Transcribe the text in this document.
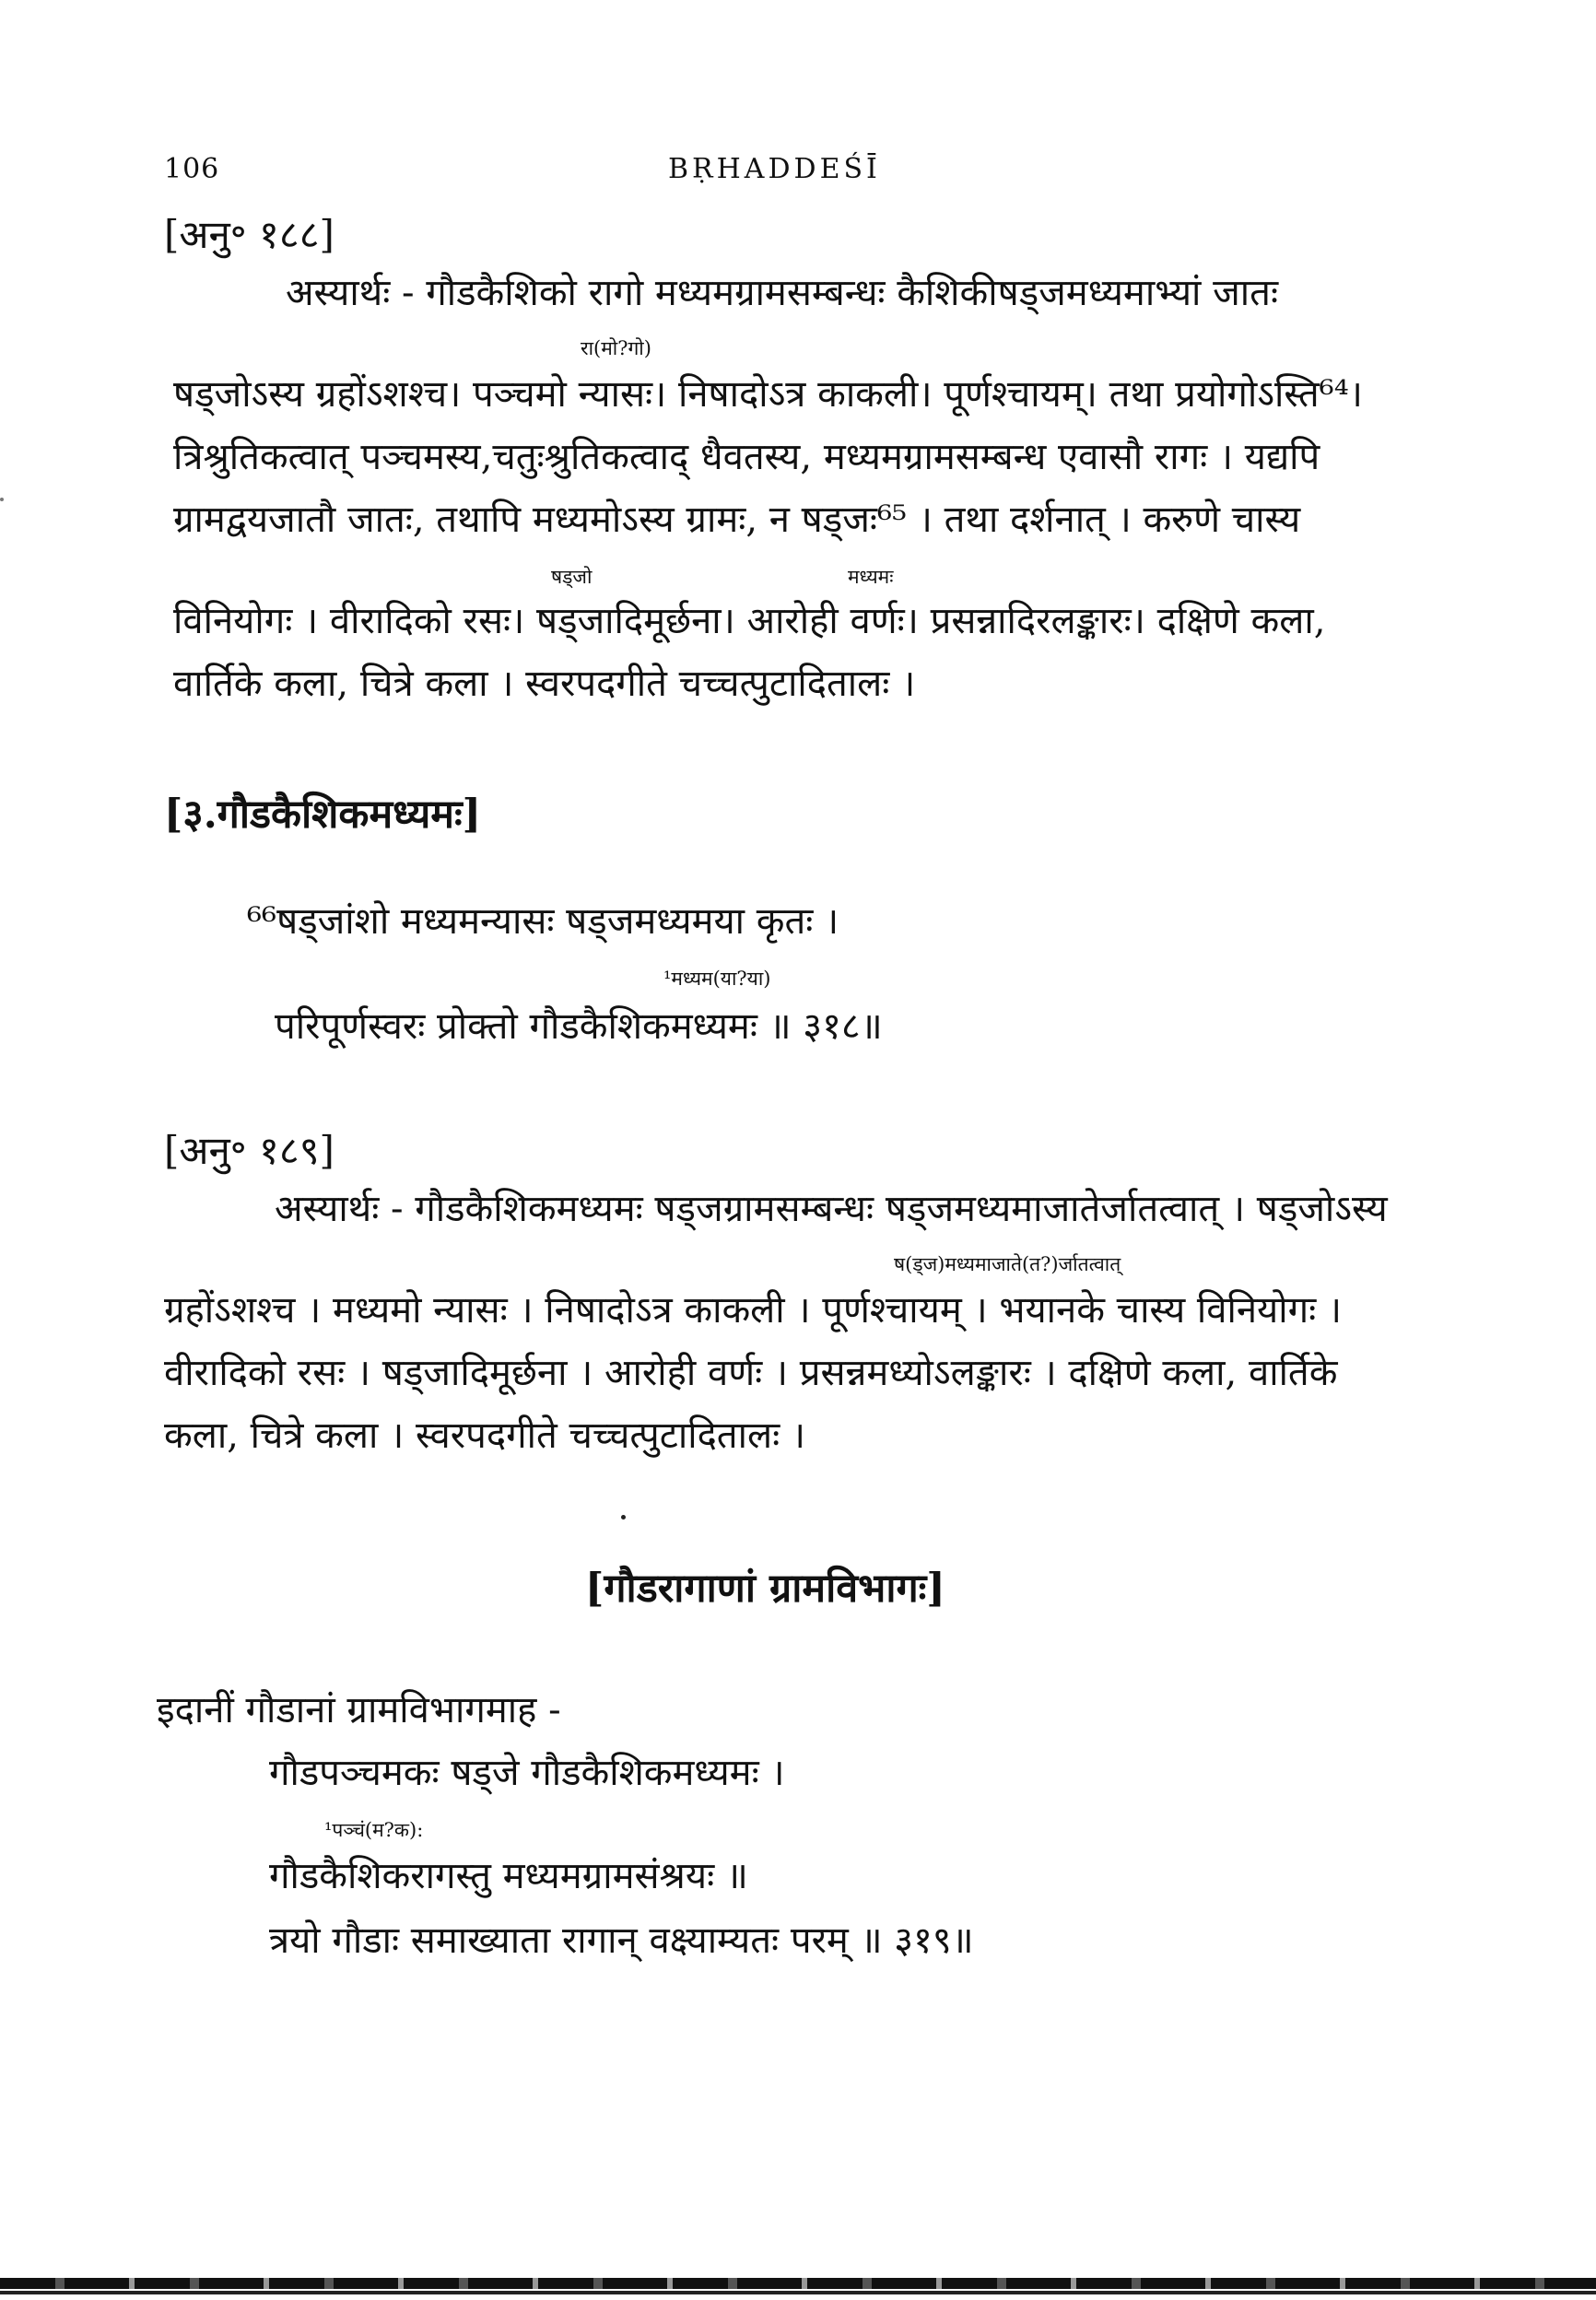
106	BṚHADDEŚĪ
[अनु॰ १८८]
अस्यार्थः - गौडकैशिको रागो मध्यमग्रामसम्बन्धः कैशिकीषड्जमध्यमाभ्यां जातः
रा(मो?गो)
षड्जोऽस्य ग्रहोंऽशश्च। पञ्चमो न्यासः। निषादोऽत्र काकली। पूर्णश्चायम्। तथा प्रयोगोऽस्ति⁶⁴।
त्रिश्रुतिकत्वात् पञ्चमस्य,चतुःश्रुतिकत्वाद् धैवतस्य, मध्यमग्रामसम्बन्ध एवासौ रागः । यद्यपि
ग्रामद्वयजातौ जातः, तथापि मध्यमोऽस्य ग्रामः, न षड्जः⁶⁵ । तथा दर्शनात् । करुणे चास्य
षड्जो	मध्यमः
विनियोगः । वीरादिको रसः। षड्जादिमूर्छना। आरोही वर्णः। प्रसन्नादिरलङ्कारः। दक्षिणे कला,
वार्तिके कला, चित्रे कला । स्वरपदगीते चच्चत्पुटादितालः ।
[३.गौडकैशिकमध्यमः]
⁶⁶षड्जांशो मध्यमन्यासः षड्जमध्यमया कृतः ।
¹मध्यम(या?या)
परिपूर्णस्वरः प्रोक्तो गौडकैशिकमध्यमः ॥ ३१८॥
[अनु॰ १८९]
अस्यार्थः - गौडकैशिकमध्यमः षड्जग्रामसम्बन्धः षड्जमध्यमाजातेर्जातत्वात् । षड्जोऽस्य
ष(ड्ज)मध्यमाजाते(त?)र्जातत्वात्
ग्रहोंऽशश्च । मध्यमो न्यासः । निषादोऽत्र काकली । पूर्णश्चायम् । भयानके चास्य विनियोगः ।
वीरादिको रसः । षड्जादिमूर्छना । आरोही वर्णः । प्रसन्नमध्योऽलङ्कारः । दक्षिणे कला, वार्तिके
कला, चित्रे कला । स्वरपदगीते चच्चत्पुटादितालः ।
[गौडरागाणां ग्रामविभागः]
इदानीं गौडानां ग्रामविभागमाह -
गौडपञ्चमकः षड्जे गौडकैशिकमध्यमः ।
¹पञ्चं(म?क):
गौडकैशिकरागस्तु मध्यमग्रामसंश्रयः ॥
त्रयो गौडाः समाख्याता रागान् वक्ष्याम्यतः परम् ॥ ३१९॥
